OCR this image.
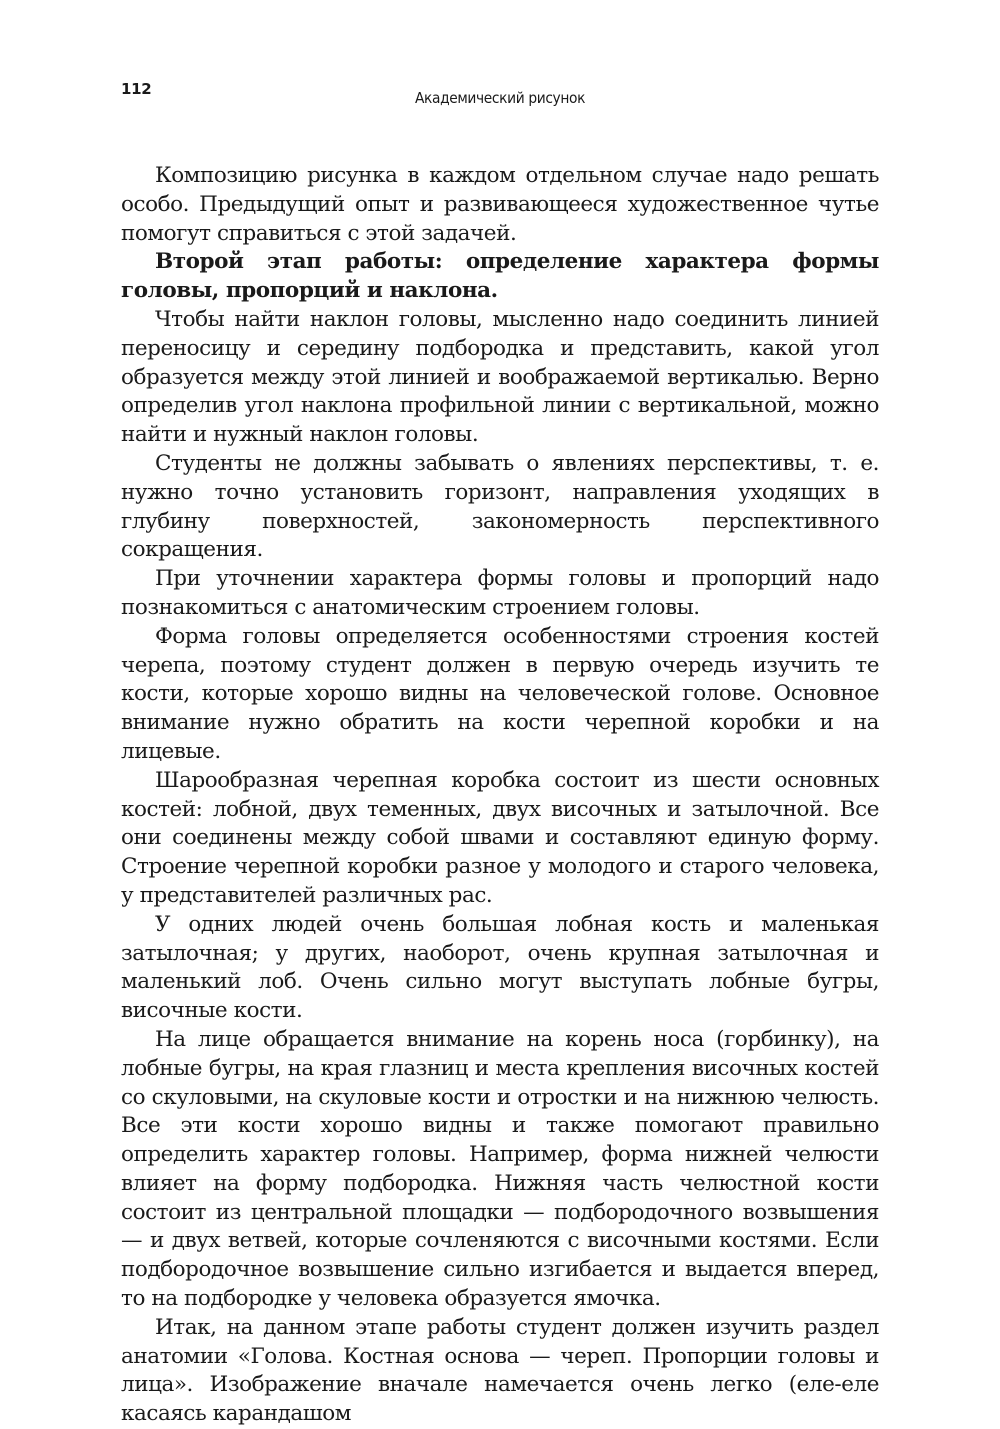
112	Академический рисунок

Композицию рисунка в каждом отдельном случае надо решать особо. Предыдущий опыт и развивающееся художественное чутье помогут справиться с этой задачей.

Второй этап работы: определение характера формы головы, пропорций и наклона.

Чтобы найти наклон головы, мысленно надо соединить линией переносицу и середину подбородка и представить, какой угол образуется между этой линией и воображаемой вертикалью. Верно определив угол наклона профильной линии с вертикальной, можно найти и нужный наклон головы.

Студенты не должны забывать о явлениях перспективы, т. е. нужно точно установить горизонт, направления уходящих в глубину поверхностей, закономерность перспективного сокращения.

При уточнении характера формы головы и пропорций надо познакомиться с анатомическим строением головы.

Форма головы определяется особенностями строения костей черепа, поэтому студент должен в первую очередь изучить те кости, которые хорошо видны на человеческой голове. Основное внимание нужно обратить на кости черепной коробки и на лицевые.

Шарообразная черепная коробка состоит из шести основных костей: лобной, двух теменных, двух височных и затылочной. Все они соединены между собой швами и составляют единую форму. Строение черепной коробки разное у молодого и старого человека, у представителей различных рас.

У одних людей очень большая лобная кость и маленькая затылочная; у других, наоборот, очень крупная затылочная и маленький лоб. Очень сильно могут выступать лобные бугры, височные кости.

На лице обращается внимание на корень носа (горбинку), на лобные бугры, на края глазниц и места крепления височных костей со скуловыми, на скуловые кости и отростки и на нижнюю челюсть. Все эти кости хорошо видны и также помогают правильно определить характер головы. Например, форма нижней челюсти влияет на форму подбородка. Нижняя часть челюстной кости состоит из центральной площадки — подбородочного возвышения — и двух ветвей, которые сочленяются с височными костями. Если подбородочное возвышение сильно изгибается и выдается вперед, то на подбородке у человека образуется ямочка.

Итак, на данном этапе работы студент должен изучить раздел анатомии «Голова. Костная основа — череп. Пропорции головы и лица». Изображение вначале намечается очень легко (еле-еле касаясь карандашом
